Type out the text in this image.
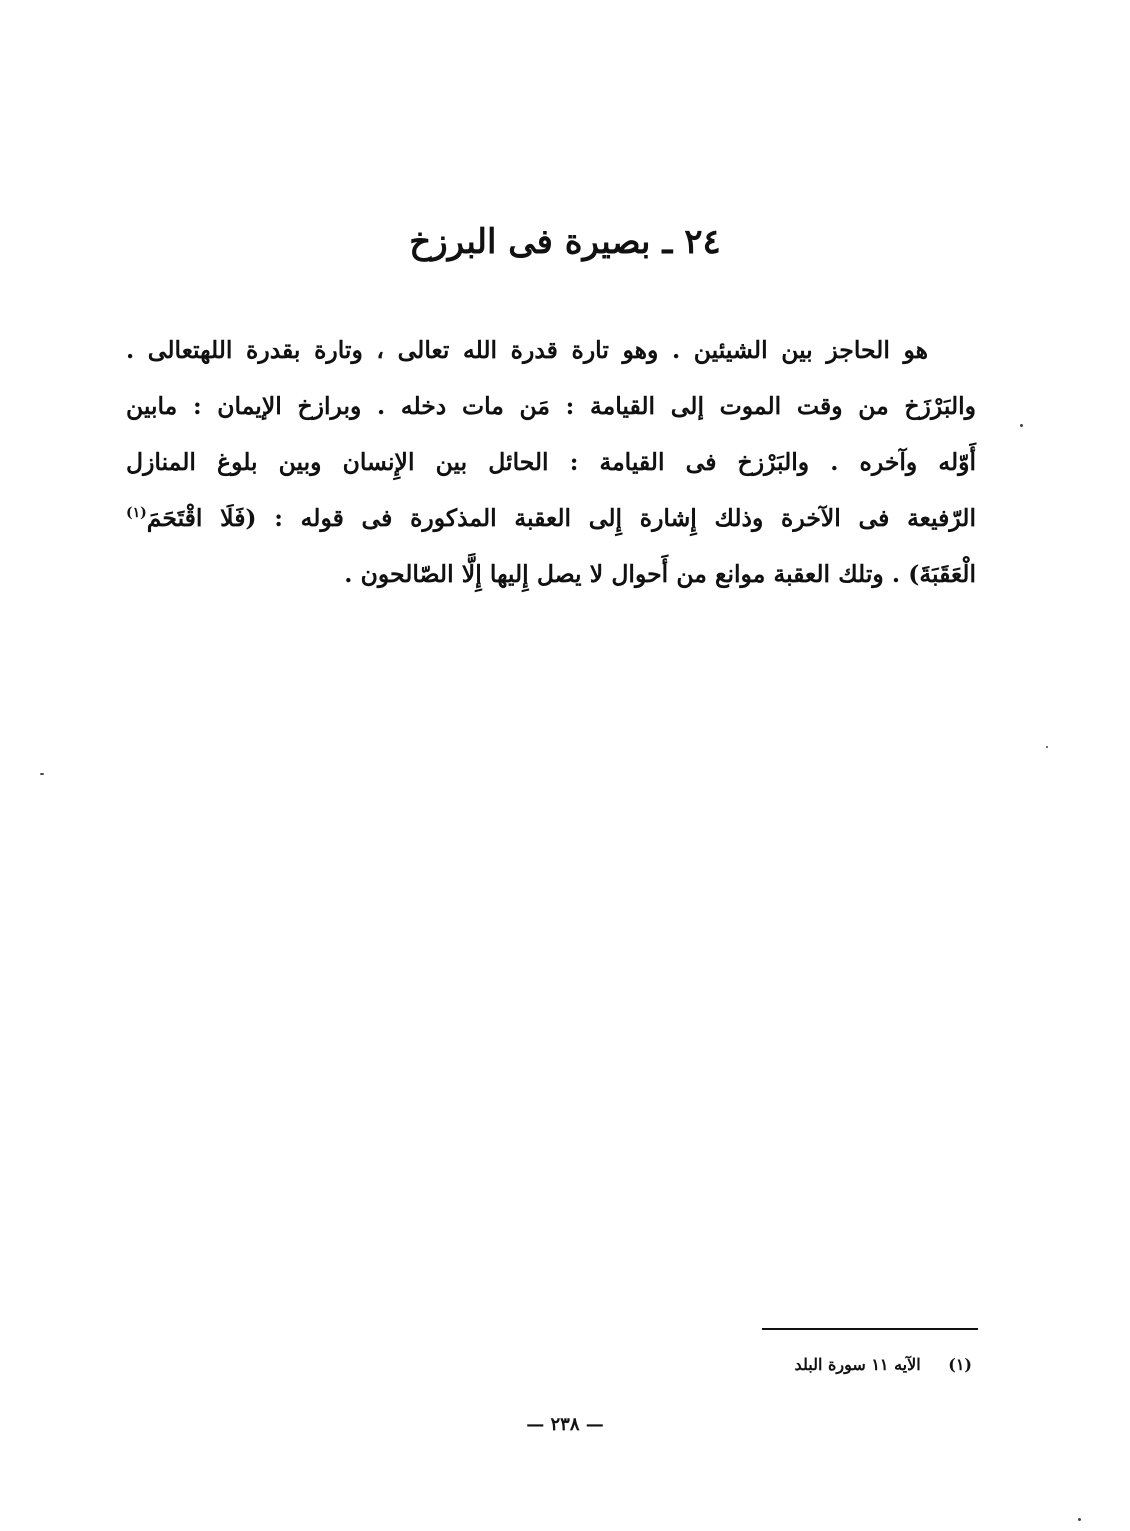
٢٤ ـ بصيرة فى البرزخ
هو الحاجز بين الشيئين . وهو تارة قدرة الله تعالى ، وتارة بقدرة اللهتعالى .
والبَرْزَخ من وقت الموت إلى القيامة : مَن مات دخله . وبرازخ الإيمان : مابين
أَوّله وآخره . والبَرْزخ فى القيامة : الحائل بين الإِنسان وبين بلوغ المنازل
الرّفيعة فى الآخرة وذلك إِشارة إِلى العقبة المذكورة فى قوله : (فَلَا اقْتَحَمَ$^{(١)}$
الْعَقَبَةَ) . وتلك العقبة موانع من أَحوال لا يصل إِليها إِلَّا الصّالحون .
(١) الآيه ١١ سورة البلد
— ٢٣٨ —
